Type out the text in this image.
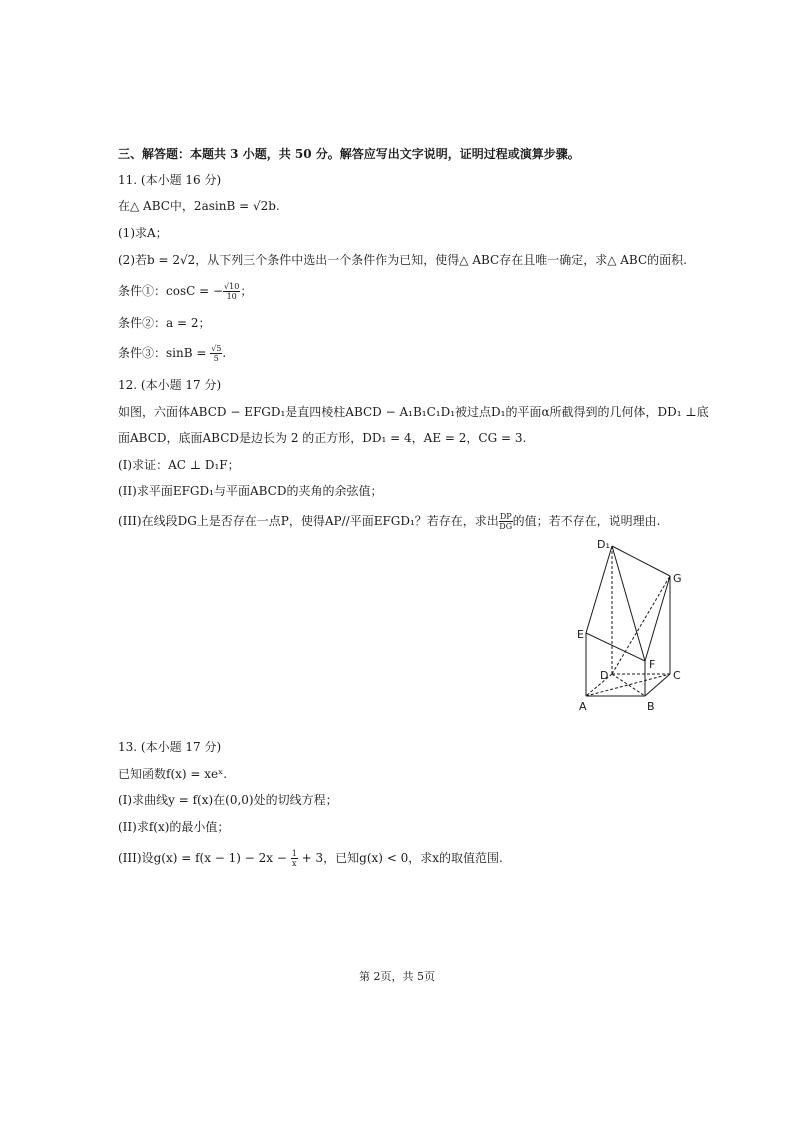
三、解答题：本题共 3 小题，共 50 分。解答应写出文字说明，证明过程或演算步骤。
11. (本小题 16 分)
在△ ABC中，2asinB = √2b.
(1)求A；
(2)若b = 2√2，从下列三个条件中选出一个条件作为已知，使得△ ABC存在且唯一确定，求△ ABC的面积.
条件①：cosC = − $\frac{√10}{10}$ ；
条件②：a = 2；
条件③：$\sin B = \frac{√5}{5}$ .
12. (本小题 17 分)
如图，六面体ABCD − EFGD₁是直四棱柱ABCD − A₁B₁C₁D₁被过点D₁的平面α所截得到的几何体，DD₁ ⊥底
面ABCD，底面ABCD是边长为 2 的正方形，DD₁ = 4，AE = 2，CG = 3.
(I)求证：AC ⊥ D₁F；
(II)求平面EFGD₁与平面ABCD的夹角的余弦值；
(III)在线段DG上是否存在一点P，使得AP//平面EFGD₁？若存在，求出 $\frac{DP}{DG}$ 的值；若不存在，说明理由.
D₁
G
E
F
D	C
A	B
13. (本小题 17 分)
已知函数f(x) = xeˣ.
(I)求曲线y = f(x)在(0,0)处的切线方程；
(II)求f(x)的最小值；
(III)设$g(x) = f(x - 1) - 2x - \frac{1}{x} + 3$，已知g(x) < 0，求x的取值范围.
第 2页，共 5页
